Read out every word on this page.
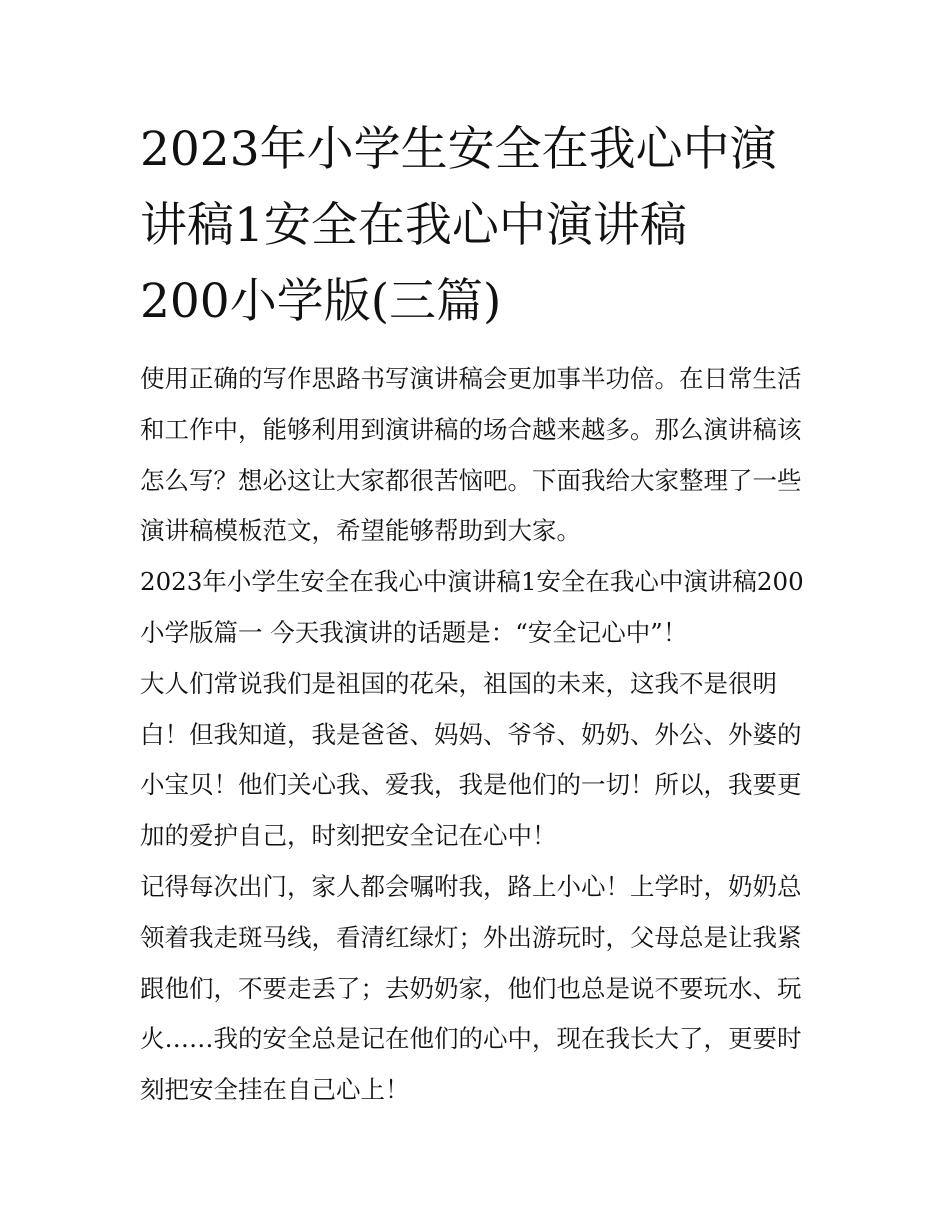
2023年小学生安全在我心中演
讲稿1安全在我心中演讲稿
200小学版(三篇)
使用正确的写作思路书写演讲稿会更加事半功倍。在日常生活
和工作中，能够利用到演讲稿的场合越来越多。那么演讲稿该
怎么写？想必这让大家都很苦恼吧。下面我给大家整理了一些
演讲稿模板范文，希望能够帮助到大家。
2023年小学生安全在我心中演讲稿1安全在我心中演讲稿200
小学版篇一 今天我演讲的话题是：“安全记心中”！
大人们常说我们是祖国的花朵，祖国的未来，这我不是很明
白！但我知道，我是爸爸、妈妈、爷爷、奶奶、外公、外婆的
小宝贝！他们关心我、爱我，我是他们的一切！所以，我要更
加的爱护自己，时刻把安全记在心中！
记得每次出门，家人都会嘱咐我，路上小心！上学时，奶奶总
领着我走斑马线，看清红绿灯；外出游玩时，父母总是让我紧
跟他们，不要走丢了；去奶奶家，他们也总是说不要玩水、玩
火……我的安全总是记在他们的心中，现在我长大了，更要时
刻把安全挂在自己心上！
